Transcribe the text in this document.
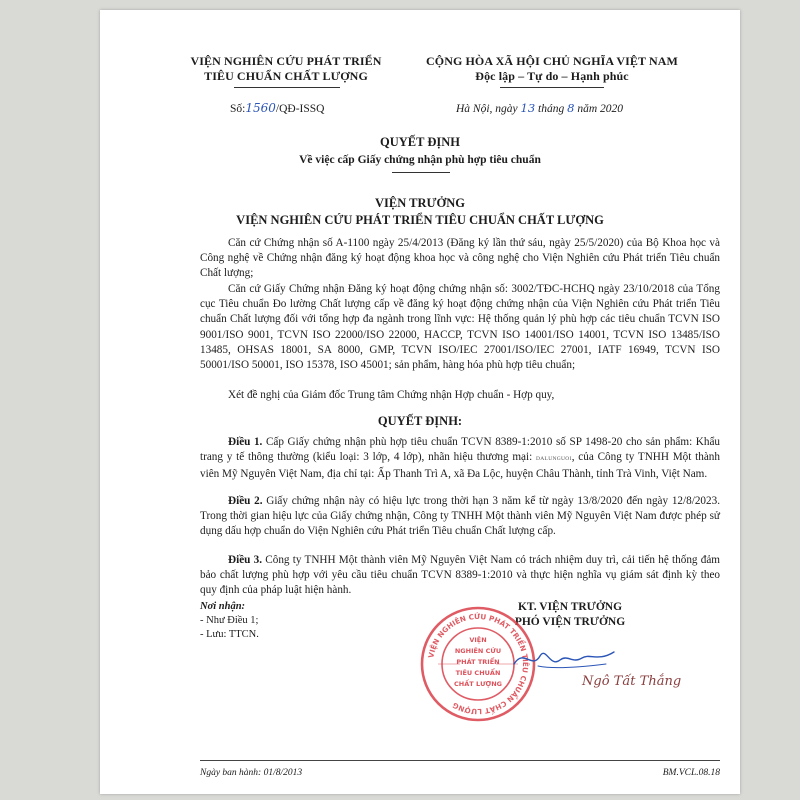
VIỆN NGHIÊN CỨU PHÁT TRIỂN
TIÊU CHUẨN CHẤT LƯỢNG
CỘNG HÒA XÃ HỘI CHỦ NGHĨA VIỆT NAM
Độc lập – Tự do – Hạnh phúc
Số:1560/QĐ-ISSQ	Hà Nội, ngày 13 tháng 8 năm 2020
QUYẾT ĐỊNH
Về việc cấp Giấy chứng nhận phù hợp tiêu chuẩn
VIỆN TRƯỞNG
VIỆN NGHIÊN CỨU PHÁT TRIỂN TIÊU CHUẨN CHẤT LƯỢNG
Căn cứ Chứng nhận số A-1100 ngày 25/4/2013 (Đăng ký lần thứ sáu, ngày 25/5/2020) của Bộ Khoa học và Công nghệ về Chứng nhận đăng ký hoạt động khoa học và công nghệ cho Viện Nghiên cứu Phát triển Tiêu chuẩn Chất lượng;
Căn cứ Giấy Chứng nhận Đăng ký hoạt động chứng nhận số: 3002/TĐC-HCHQ ngày 23/10/2018 của Tổng cục Tiêu chuẩn Đo lường Chất lượng cấp về đăng ký hoạt động chứng nhận của Viện Nghiên cứu Phát triển Tiêu chuẩn Chất lượng đối với tổng hợp đa ngành trong lĩnh vực: Hệ thống quản lý phù hợp các tiêu chuẩn TCVN ISO 9001/ISO 9001, TCVN ISO 22000/ISO 22000, HACCP, TCVN ISO 14001/ISO 14001, TCVN ISO 13485/ISO 13485, OHSAS 18001, SA 8000, GMP, TCVN ISO/IEC 27001/ISO/IEC 27001, IATF 16949, TCVN ISO 50001/ISO 50001, ISO 15378, ISO 45001; sản phẩm, hàng hóa phù hợp tiêu chuẩn;
Xét đề nghị của Giám đốc Trung tâm Chứng nhận Hợp chuẩn - Hợp quy,
QUYẾT ĐỊNH:
Điều 1. Cấp Giấy chứng nhận phù hợp tiêu chuẩn TCVN 8389-1:2010 số SP 1498-20 cho sản phẩm: Khẩu trang y tế thông thường (kiểu loại: 3 lớp, 4 lớp), nhãn hiệu thương mại: DALUNGUOI, của Công ty TNHH Một thành viên Mỹ Nguyên Việt Nam, địa chỉ tại: Ấp Thanh Trì A, xã Đa Lộc, huyện Châu Thành, tỉnh Trà Vinh, Việt Nam.
Điều 2. Giấy chứng nhận này có hiệu lực trong thời hạn 3 năm kể từ ngày 13/8/2020 đến ngày 12/8/2023. Trong thời gian hiệu lực của Giấy chứng nhận, Công ty TNHH Một thành viên Mỹ Nguyên Việt Nam được phép sử dụng dấu hợp chuẩn do Viện Nghiên cứu Phát triển Tiêu chuẩn Chất lượng cấp.
Điều 3. Công ty TNHH Một thành viên Mỹ Nguyên Việt Nam có trách nhiệm duy trì, cải tiến hệ thống đảm bảo chất lượng phù hợp với yêu cầu tiêu chuẩn TCVN 8389-1:2010 và thực hiện nghĩa vụ giám sát định kỳ theo quy định của pháp luật hiện hành.
Nơi nhận:
- Như Điều 1;
- Lưu: TTCN.
KT. VIỆN TRƯỞNG
PHÓ VIỆN TRƯỞNG
VIỆN NGHIÊN CỨU PHÁT TRIỂN TIÊU CHUẨN CHẤT LƯỢNG
VIỆN
NGHIÊN CỨU
PHÁT TRIỂN
TIÊU CHUẨN
CHẤT LƯỢNG	Ngô Tất Thắng
Ngày ban hành: 01/8/2013	BM.VCL.08.18
